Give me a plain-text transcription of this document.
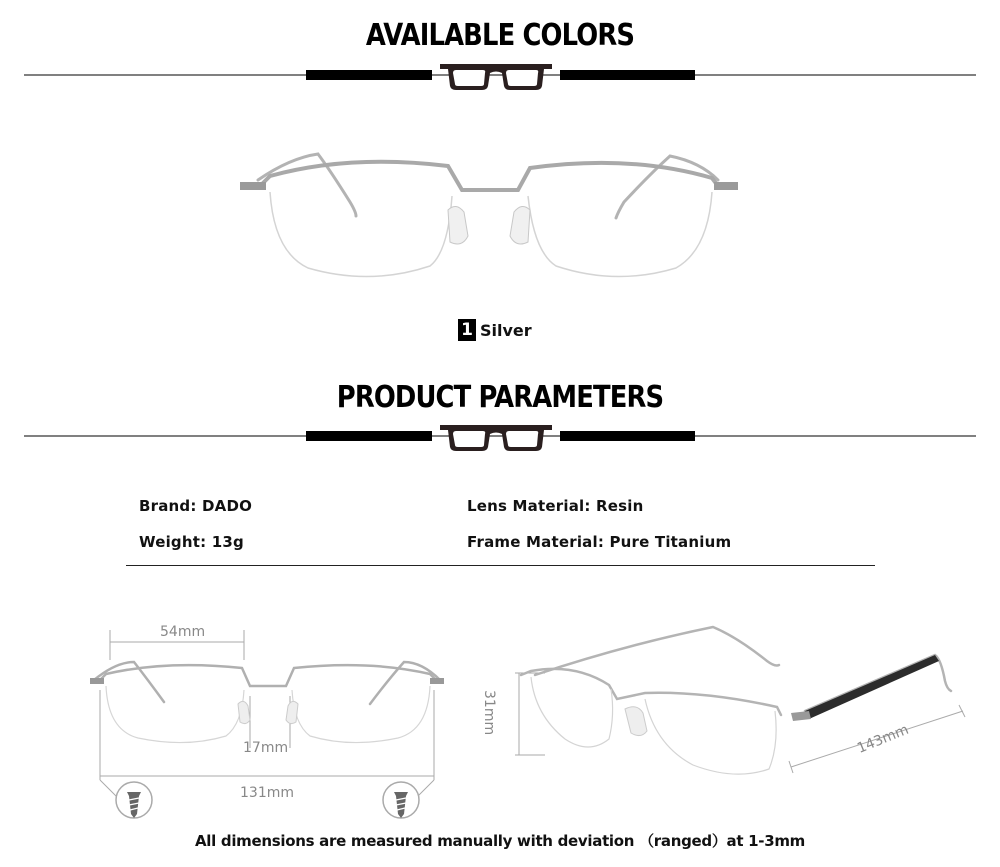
AVAILABLE COLORS
1 Silver
PRODUCT PARAMETERS
Brand: DADO
Weight: 13g
Lens Material: Resin
Frame Material: Pure Titanium
54mm
17mm
131mm
31mm
143mm
All dimensions are measured manually with deviation （ranged）at 1-3mm
